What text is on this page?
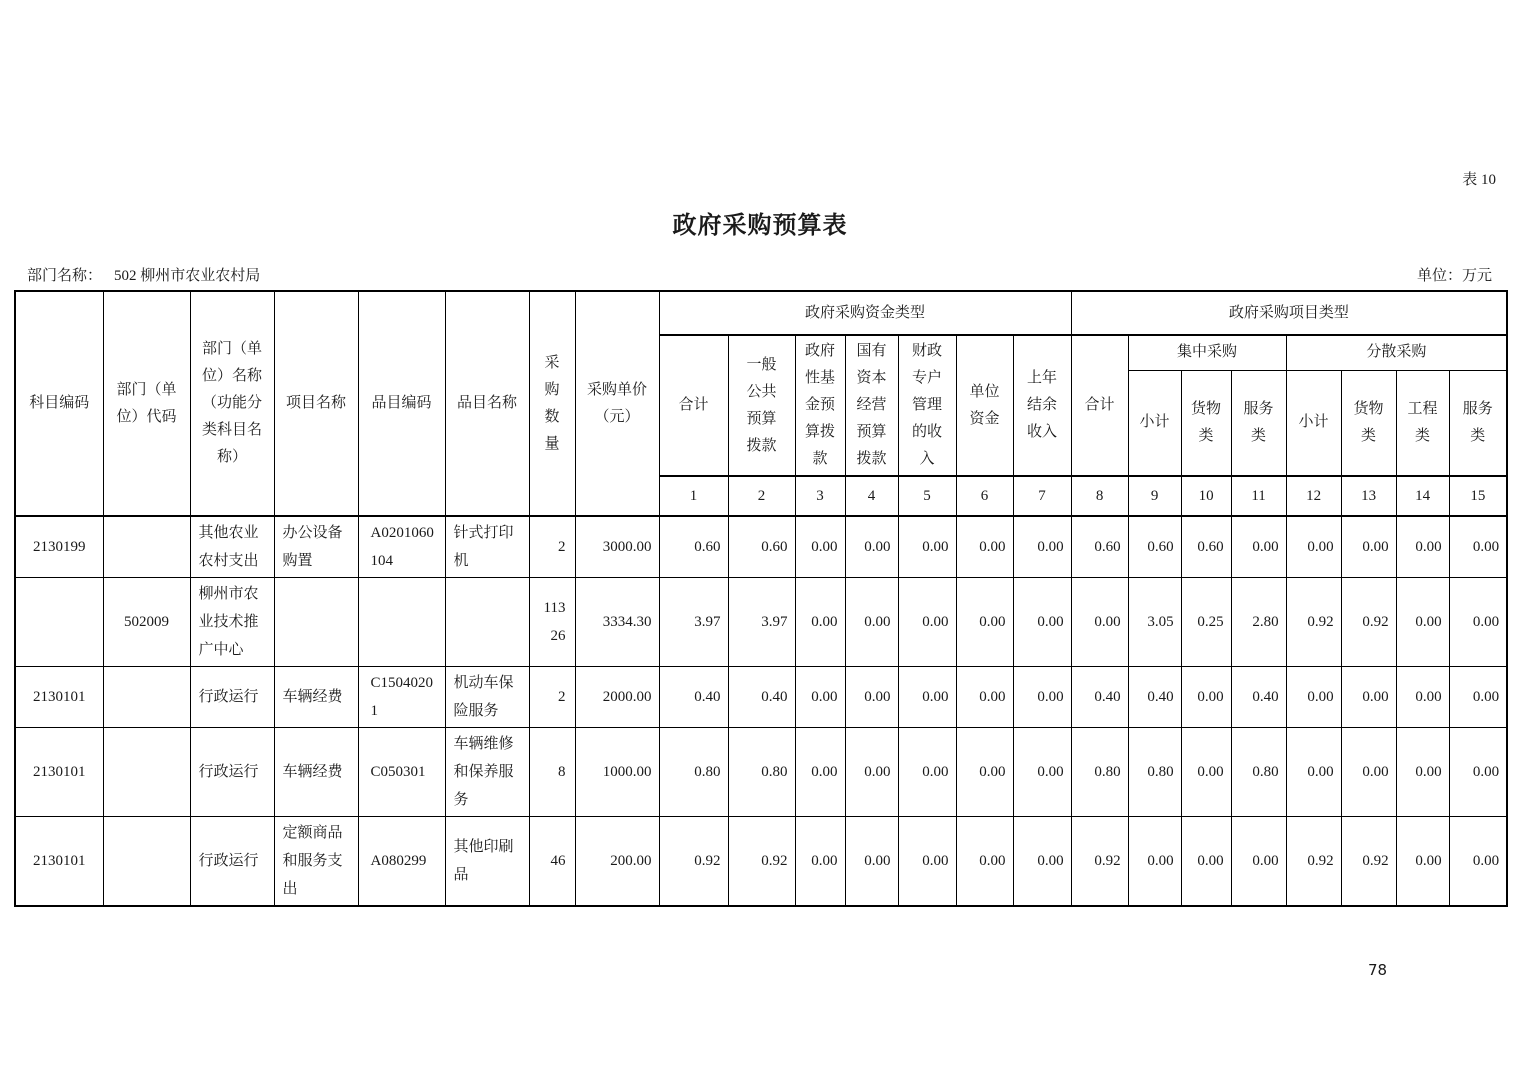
表 10
政府采购预算表
部门名称： 502 柳州市农业农村局	单位：万元
科目编码	部门（单位）代码	部门（单位）名称（功能分类科目名称）	项目名称	品目编码	品目名称	采购数量	采购单价（元）	政府采购资金类型							政府采购项目类型							
								合计	一般公共预算拨款	政府性基金预算拨款	国有资本经营预算拨款	财政专户管理的收入	单位资金	上年结余收入	合计	集中采购			分散采购			
																小计	货物类	服务类	小计	货物类	工程类	服务类
								1	2	3	4	5	6	7	8	9	10	11	12	13	14	15
2130199		其他农业农村支出	办公设备购置	A0201060104	针式打印机	2	3000.00	0.60	0.60	0.00	0.00	0.00	0.00	0.00	0.60	0.60	0.60	0.00	0.00	0.00	0.00	0.00
	502009	柳州市农业技术推广中心				11326	3334.30	3.97	3.97	0.00	0.00	0.00	0.00	0.00	0.00	3.05	0.25	2.80	0.92	0.92	0.00	0.00
2130101		行政运行	车辆经费	C15040201	机动车保险服务	2	2000.00	0.40	0.40	0.00	0.00	0.00	0.00	0.00	0.40	0.40	0.00	0.40	0.00	0.00	0.00	0.00
2130101		行政运行	车辆经费	C050301	车辆维修和保养服务	8	1000.00	0.80	0.80	0.00	0.00	0.00	0.00	0.00	0.80	0.80	0.00	0.80	0.00	0.00	0.00	0.00
2130101		行政运行	定额商品和服务支出	A080299	其他印刷品	46	200.00	0.92	0.92	0.00	0.00	0.00	0.00	0.00	0.92	0.00	0.00	0.00	0.92	0.92	0.00	0.00
78
